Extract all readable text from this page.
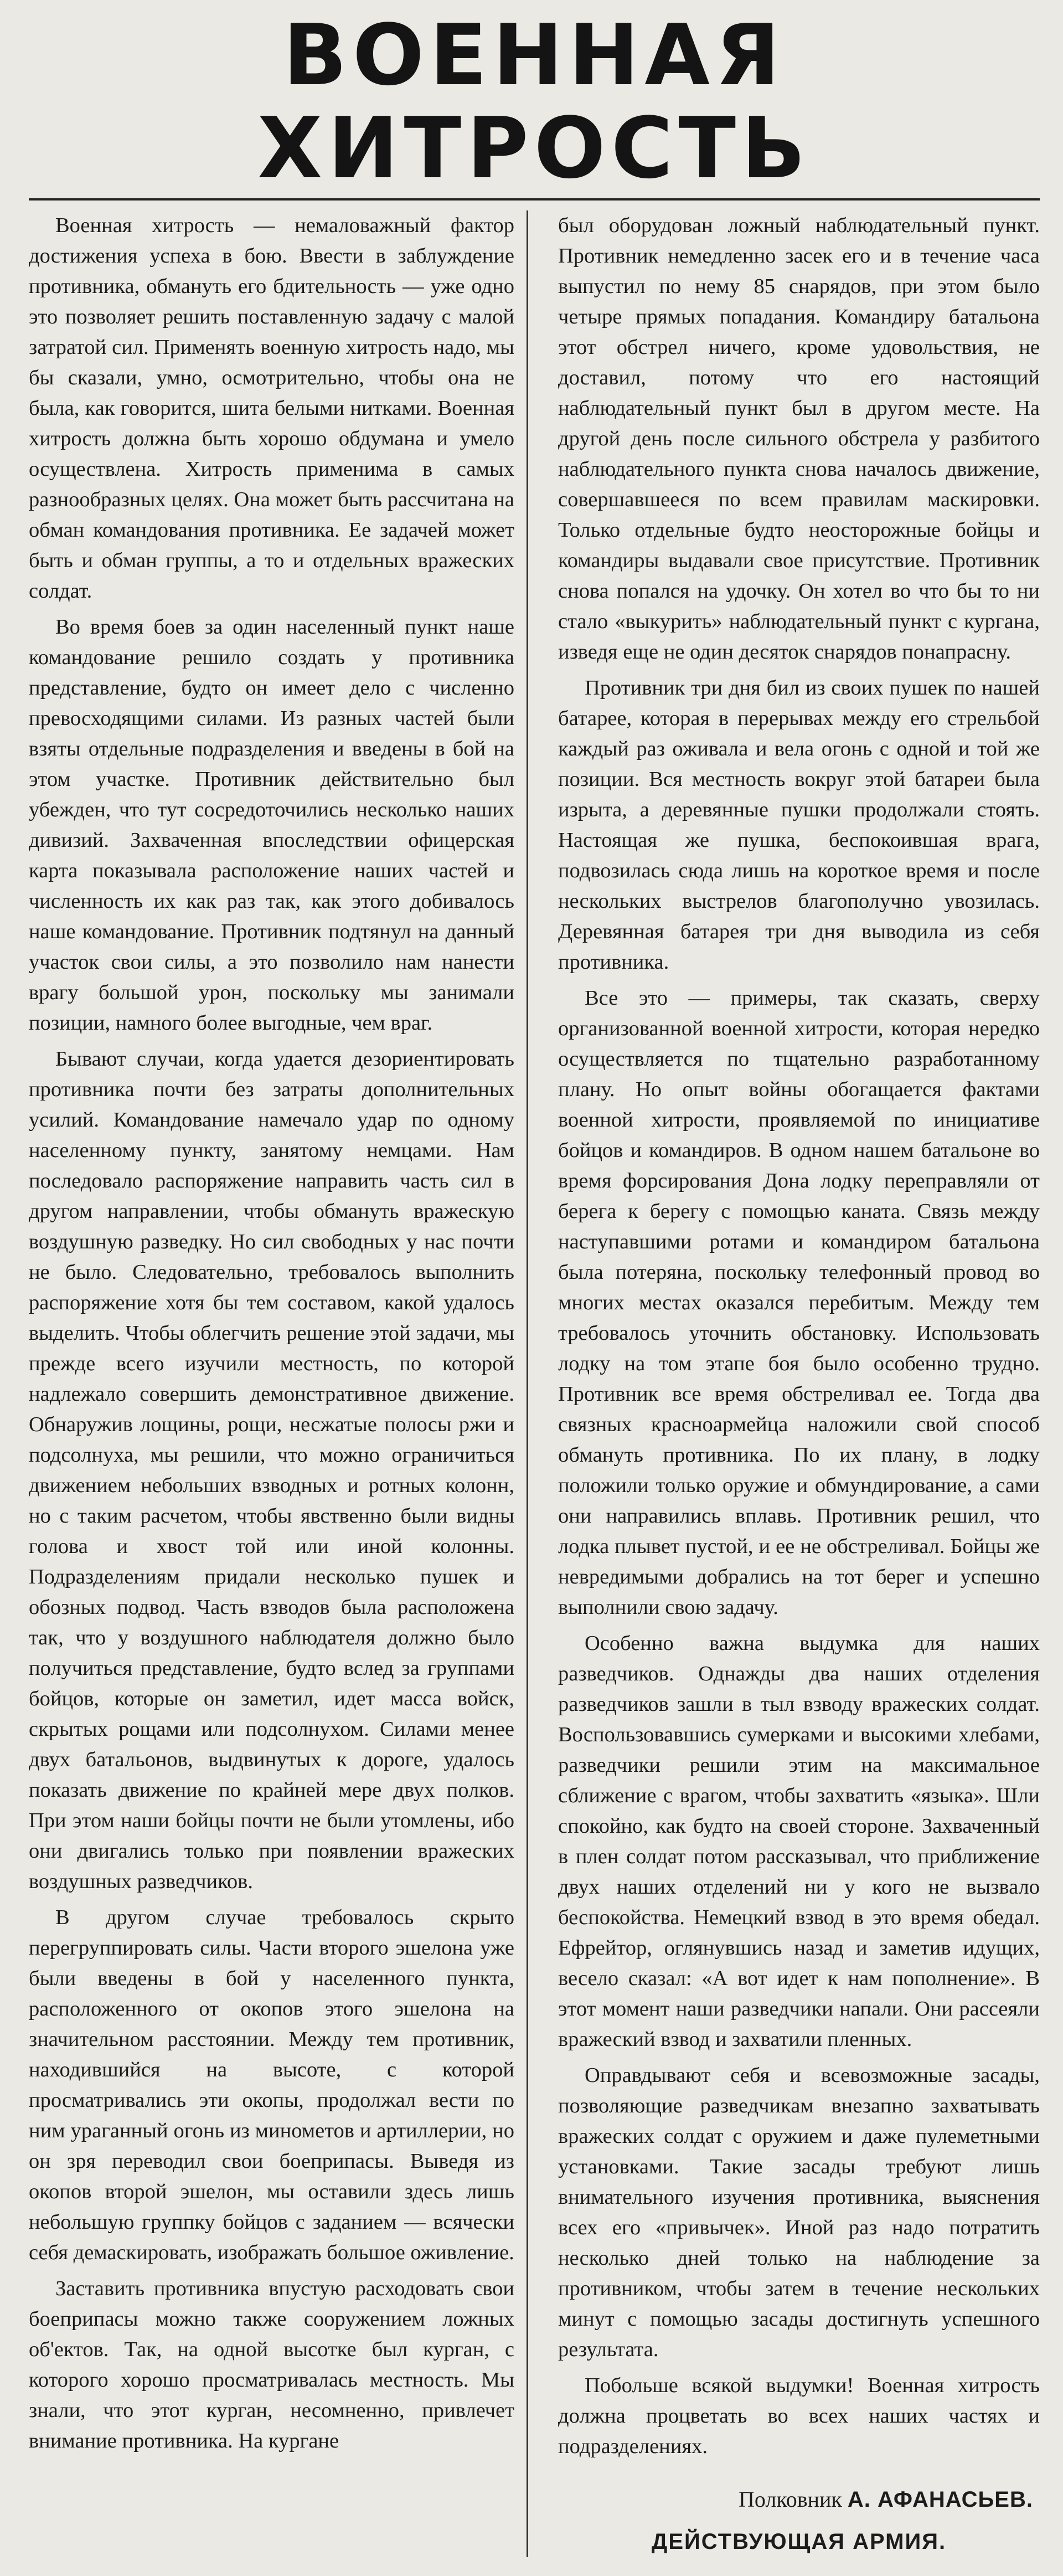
ВОЕННАЯ ХИТРОСТЬ

Военная хитрость — немаловажный фактор достижения успеха в бою. Ввести в заблуждение противника, обмануть его бдительность — уже одно это позволяет решить поставленную задачу с малой затратой сил. Применять военную хитрость надо, мы бы сказали, умно, осмотрительно, чтобы она не была, как говорится, шита белыми нитками. Военная хитрость должна быть хорошо обдумана и умело осуществлена. Хитрость применима в самых разнообразных целях. Она может быть рассчитана на обман командования противника. Ее задачей может быть и обман группы, а то и отдельных вражеских солдат.

Во время боев за один населенный пункт наше командование решило создать у противника представление, будто он имеет дело с численно превосходящими силами. Из разных частей были взяты отдельные подразделения и введены в бой на этом участке. Противник действительно был убежден, что тут сосредоточились несколько наших дивизий. Захваченная впоследствии офицерская карта показывала расположение наших частей и численность их как раз так, как этого добивалось наше командование. Противник подтянул на данный участок свои силы, а это позволило нам нанести врагу большой урон, поскольку мы занимали позиции, намного более выгодные, чем враг.

Бывают случаи, когда удается дезориентировать противника почти без затраты дополнительных усилий. Командование намечало удар по одному населенному пункту, занятому немцами. Нам последовало распоряжение направить часть сил в другом направлении, чтобы обмануть вражескую воздушную разведку. Но сил свободных у нас почти не было. Следовательно, требовалось выполнить распоряжение хотя бы тем составом, какой удалось выделить. Чтобы облегчить решение этой задачи, мы прежде всего изучили местность, по которой надлежало совершить демонстративное движение. Обнаружив лощины, рощи, несжатые полосы ржи и подсолнуха, мы решили, что можно ограничиться движением небольших взводных и ротных колонн, но с таким расчетом, чтобы явственно были видны голова и хвост той или иной колонны. Подразделениям придали несколько пушек и обозных подвод. Часть взводов была расположена так, что у воздушного наблюдателя должно было получиться представление, будто вслед за группами бойцов, которые он заметил, идет масса войск, скрытых рощами или подсолнухом. Силами менее двух батальонов, выдвинутых к дороге, удалось показать движение по крайней мере двух полков. При этом наши бойцы почти не были утомлены, ибо они двигались только при появлении вражеских воздушных разведчиков.

В другом случае требовалось скрыто перегруппировать силы. Части второго эшелона уже были введены в бой у населенного пункта, расположенного от окопов этого эшелона на значительном расстоянии. Между тем противник, находившийся на высоте, с которой просматривались эти окопы, продолжал вести по ним ураганный огонь из минометов и артиллерии, но он зря переводил свои боеприпасы. Выведя из окопов второй эшелон, мы оставили здесь лишь небольшую группку бойцов с заданием — всячески себя демаскировать, изображать большое оживление.

Заставить противника впустую расходовать свои боеприпасы можно также сооружением ложных об'ектов. Так, на одной высотке был курган, с которого хорошо просматривалась местность. Мы знали, что этот курган, несомненно, привлечет внимание противника. На кургане

был оборудован ложный наблюдательный пункт. Противник немедленно засек его и в течение часа выпустил по нему 85 снарядов, при этом было четыре прямых попадания. Командиру батальона этот обстрел ничего, кроме удовольствия, не доставил, потому что его настоящий наблюдательный пункт был в другом месте. На другой день после сильного обстрела у разбитого наблюдательного пункта снова началось движение, совершавшееся по всем правилам маскировки. Только отдельные будто неосторожные бойцы и командиры выдавали свое присутствие. Противник снова попался на удочку. Он хотел во что бы то ни стало «выкурить» наблюдательный пункт с кургана, изведя еще не один десяток снарядов понапрасну.

Противник три дня бил из своих пушек по нашей батарее, которая в перерывах между его стрельбой каждый раз оживала и вела огонь с одной и той же позиции. Вся местность вокруг этой батареи была изрыта, а деревянные пушки продолжали стоять. Настоящая же пушка, беспокоившая врага, подвозилась сюда лишь на короткое время и после нескольких выстрелов благополучно увозилась. Деревянная батарея три дня выводила из себя противника.

Все это — примеры, так сказать, сверху организованной военной хитрости, которая нередко осуществляется по тщательно разработанному плану. Но опыт войны обогащается фактами военной хитрости, проявляемой по инициативе бойцов и командиров. В одном нашем батальоне во время форсирования Дона лодку переправляли от берега к берегу с помощью каната. Связь между наступавшими ротами и командиром батальона была потеряна, поскольку телефонный провод во многих местах оказался перебитым. Между тем требовалось уточнить обстановку. Использовать лодку на том этапе боя было особенно трудно. Противник все время обстреливал ее. Тогда два связных красноармейца наложили свой способ обмануть противника. По их плану, в лодку положили только оружие и обмундирование, а сами они направились вплавь. Противник решил, что лодка плывет пустой, и ее не обстреливал. Бойцы же невредимыми добрались на тот берег и успешно выполнили свою задачу.

Особенно важна выдумка для наших разведчиков. Однажды два наших отделения разведчиков зашли в тыл взводу вражеских солдат. Воспользовавшись сумерками и высокими хлебами, разведчики решили этим на максимальное сближение с врагом, чтобы захватить «языка». Шли спокойно, как будто на своей стороне. Захваченный в плен солдат потом рассказывал, что приближение двух наших отделений ни у кого не вызвало беспокойства. Немецкий взвод в это время обедал. Ефрейтор, оглянувшись назад и заметив идущих, весело сказал: «А вот идет к нам пополнение». В этот момент наши разведчики напали. Они рассеяли вражеский взвод и захватили пленных.

Оправдывают себя и всевозможные засады, позволяющие разведчикам внезапно захватывать вражеских солдат с оружием и даже пулеметными установками. Такие засады требуют лишь внимательного изучения противника, выяснения всех его «привычек». Иной раз надо потратить несколько дней только на наблюдение за противником, чтобы затем в течение нескольких минут с помощью засады достигнуть успешного результата.

Побольше всякой выдумки! Военная хитрость должна процветать во всех наших частях и подразделениях.

Полковник А. АФАНАСЬЕВ.
ДЕЙСТВУЮЩАЯ АРМИЯ.
